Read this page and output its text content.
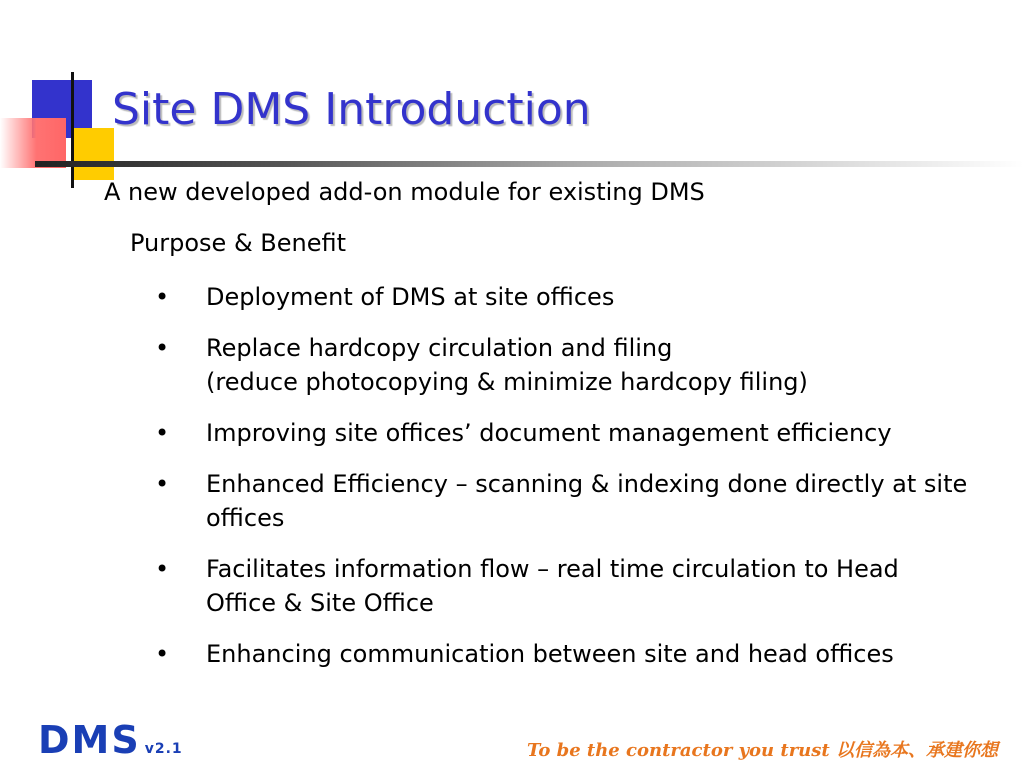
Site DMS Introduction
A new developed add-on module for existing DMS
Purpose & Benefit
•	Deployment of DMS at site offices
•	Replace hardcopy circulation and filing
(reduce photocopying & minimize hardcopy filing)
•	Improving site offices’ document management efficiency
•	Enhanced Efficiency – scanning & indexing done directly at site offices
•	Facilitates information flow – real time circulation to Head Office & Site Office
•	Enhancing communication between site and head offices
DMS v2.1	To be the contractor you trust 以信為本、承建你想
